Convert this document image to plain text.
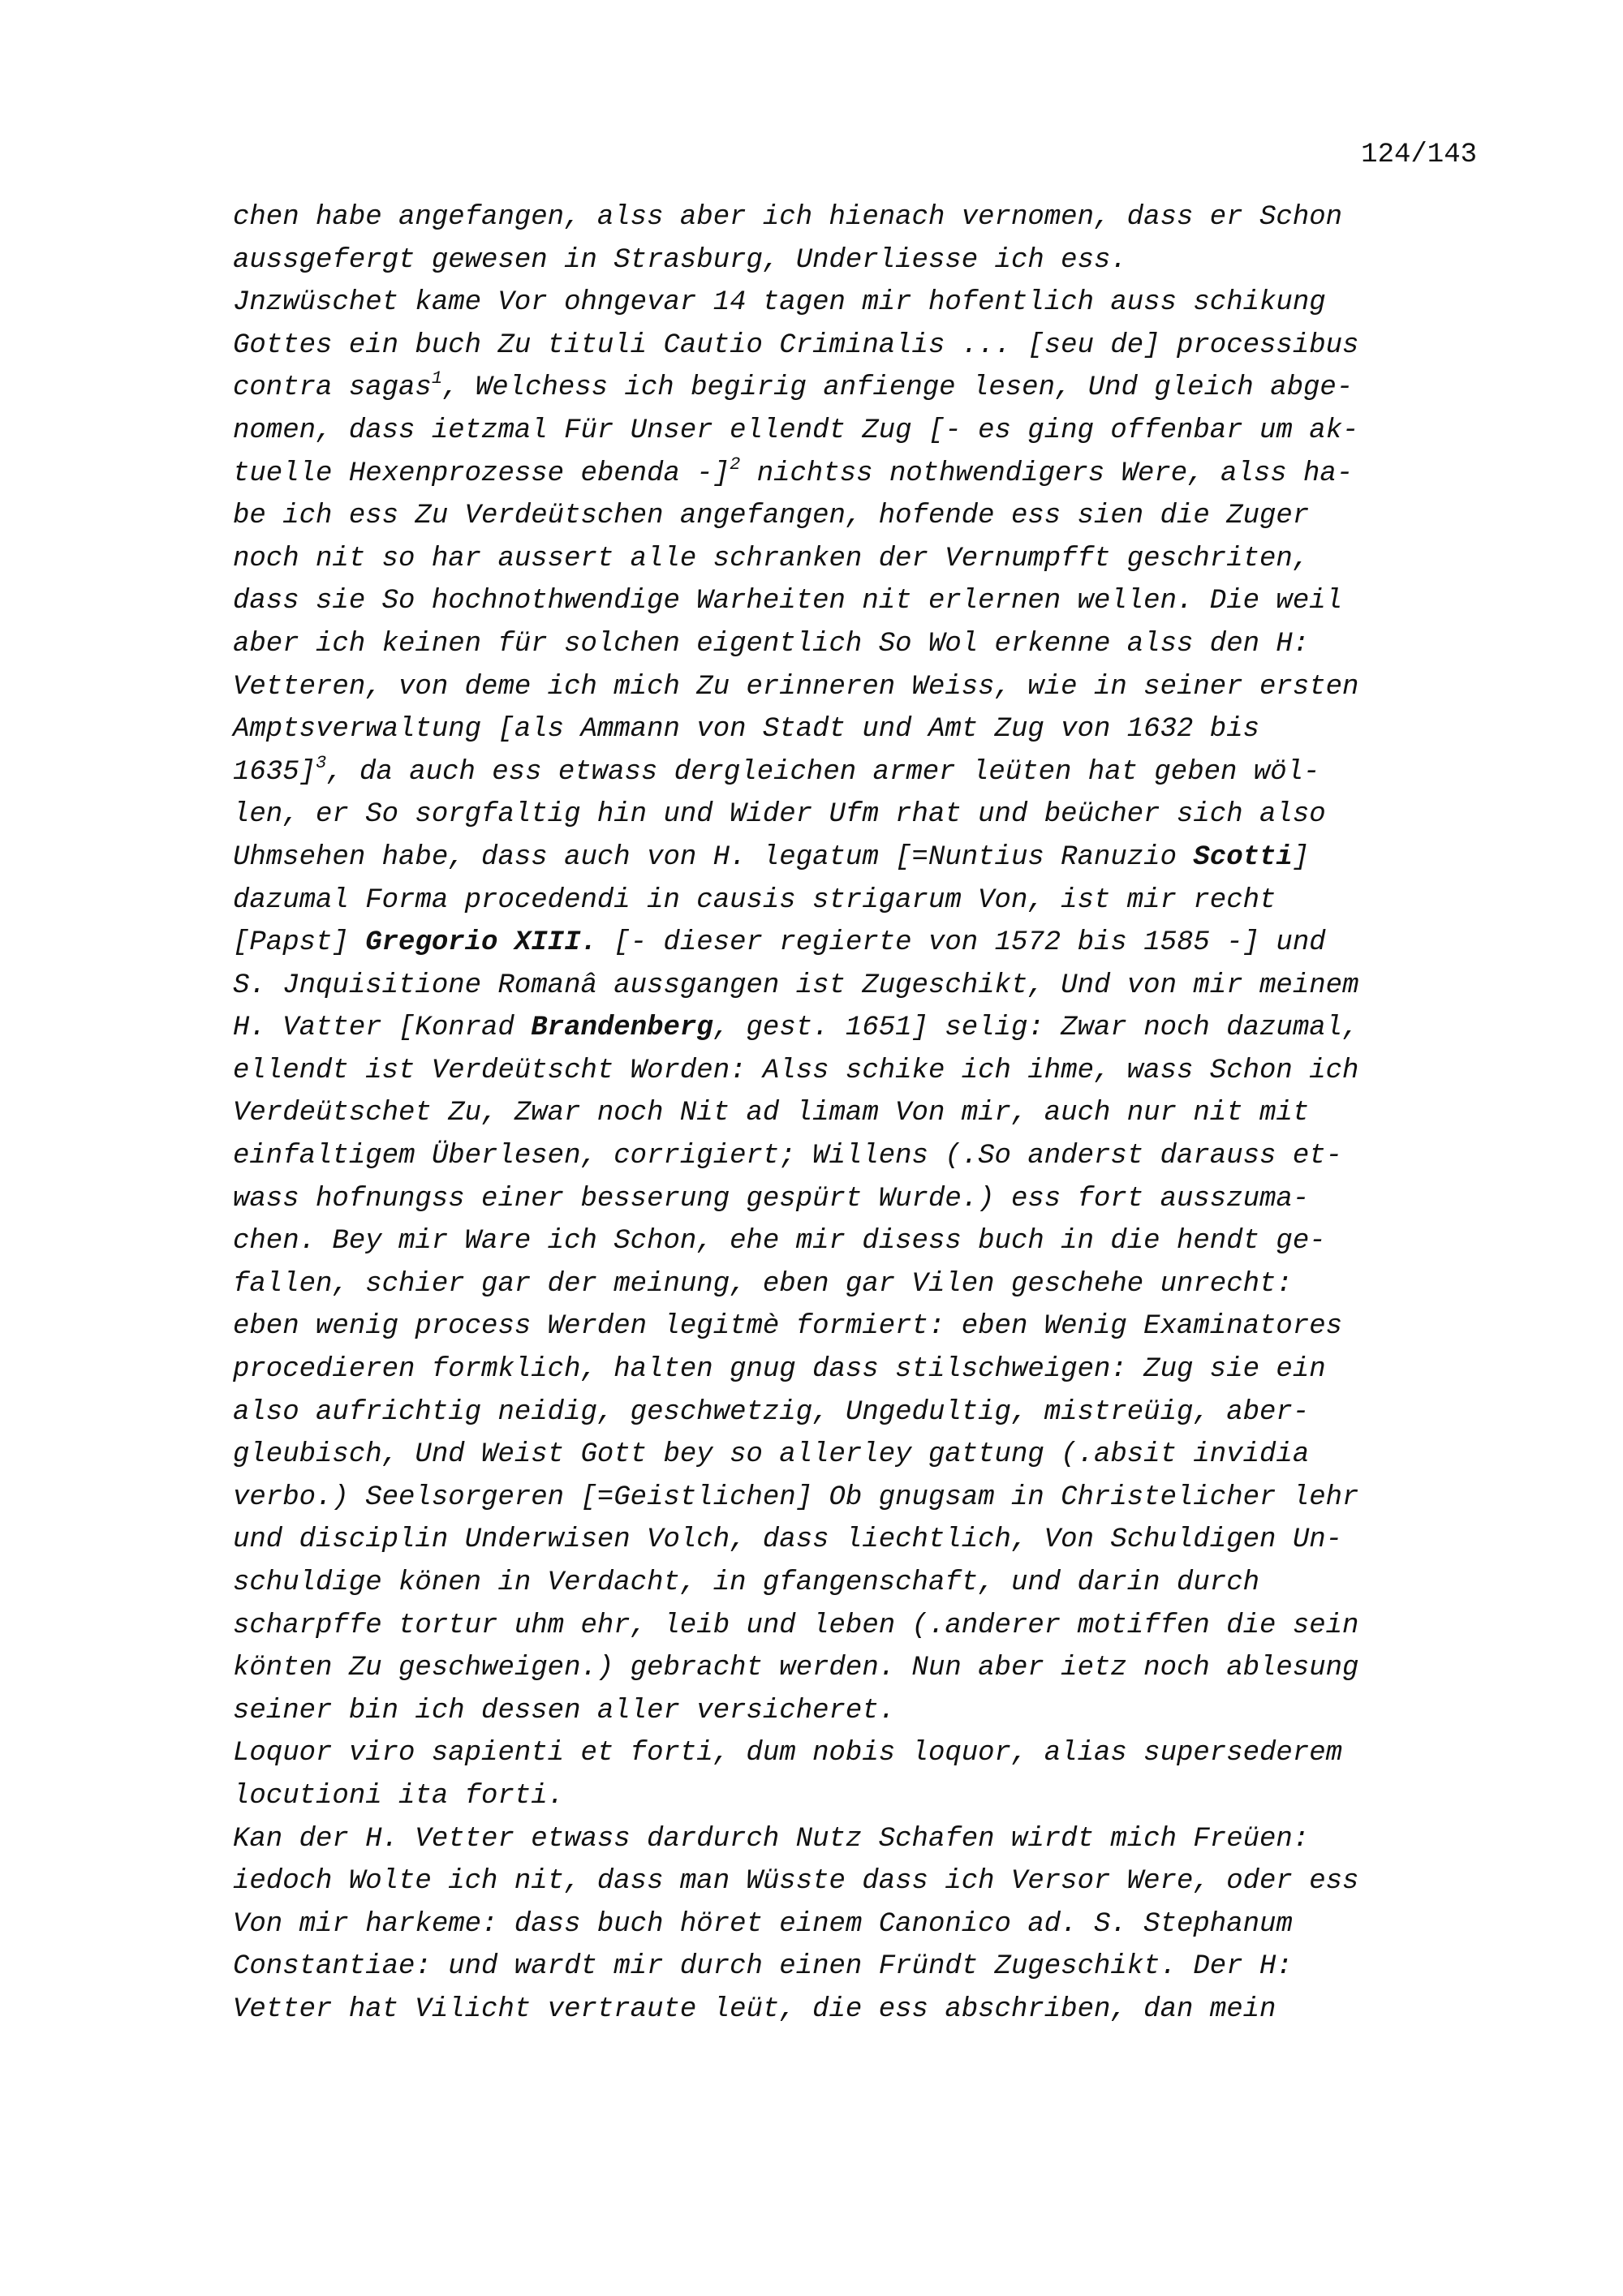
124/143
chen habe angefangen, alss aber ich hienach vernomen, dass er Schon
aussgefergt gewesen in Strasburg, Underliesse ich ess.
Jnzwüschet kame Vor ohngevar 14 tagen mir hofentlich auss schikung
Gottes ein buch Zu tituli Cautio Criminalis ... [seu de] processibus
contra sagas$^1$, Welchess ich begirig anfienge lesen, Und gleich abge-
nomen, dass ietzmal Für Unser ellendt Zug [- es ging offenbar um ak-
tuelle Hexenprozesse ebenda -]$^2$ nichtss nothwendigers Were, alss ha-
be ich ess Zu Verdeütschen angefangen, hofende ess sien die Zuger
noch nit so har aussert alle schranken der Vernumpfft geschriten,
dass sie So hochnothwendige Warheiten nit erlernen wellen. Die weil
aber ich keinen für solchen eigentlich So Wol erkenne alss den H:
Vetteren, von deme ich mich Zu erinneren Weiss, wie in seiner ersten
Amptsverwaltung [als Ammann von Stadt und Amt Zug von 1632 bis
1635]$^3$, da auch ess etwass dergleichen armer leüten hat geben wöl-
len, er So sorgfaltig hin und Wider Ufm rhat und beücher sich also
Uhmsehen habe, dass auch von H. legatum [=Nuntius Ranuzio Scotti]
dazumal Forma procedendi in causis strigarum Von, ist mir recht
[Papst] Gregorio XIII. [- dieser regierte von 1572 bis 1585 -] und
S. Jnquisitione Romanâ aussgangen ist Zugeschikt, Und von mir meinem
H. Vatter [Konrad Brandenberg, gest. 1651] selig: Zwar noch dazumal,
ellendt ist Verdeütscht Worden: Alss schike ich ihme, wass Schon ich
Verdeütschet Zu, Zwar noch Nit ad limam Von mir, auch nur nit mit
einfaltigem Überlesen, corrigiert; Willens (.So anderst darauss et-
wass hofnungss einer besserung gespürt Wurde.) ess fort ausszuma-
chen. Bey mir Ware ich Schon, ehe mir disess buch in die hendt ge-
fallen, schier gar der meinung, eben gar Vilen geschehe unrecht:
eben wenig process Werden legitmè formiert: eben Wenig Examinatores
procedieren formklich, halten gnug dass stilschweigen: Zug sie ein
also aufrichtig neidig, geschwetzig, Ungedultig, mistreüig, aber-
gleubisch, Und Weist Gott bey so allerley gattung (.absit invidia
verbo.) Seelsorgeren [=Geistlichen] Ob gnugsam in Christelicher lehr
und disciplin Underwisen Volch, dass liechtlich, Von Schuldigen Un-
schuldige könen in Verdacht, in gfangenschaft, und darin durch
scharpffe tortur uhm ehr, leib und leben (.anderer motiffen die sein
könten Zu geschweigen.) gebracht werden. Nun aber ietz noch ablesung
seiner bin ich dessen aller versicheret.
Loquor viro sapienti et forti, dum nobis loquor, alias supersederem
locutioni ita forti.
Kan der H. Vetter etwass dardurch Nutz Schafen wirdt mich Freüen:
iedoch Wolte ich nit, dass man Wüsste dass ich Versor Were, oder ess
Von mir harkeme: dass buch höret einem Canonico ad. S. Stephanum
Constantiae: und wardt mir durch einen Fründt Zugeschikt. Der H:
Vetter hat Vilicht vertraute leüt, die ess abschriben, dan mein
